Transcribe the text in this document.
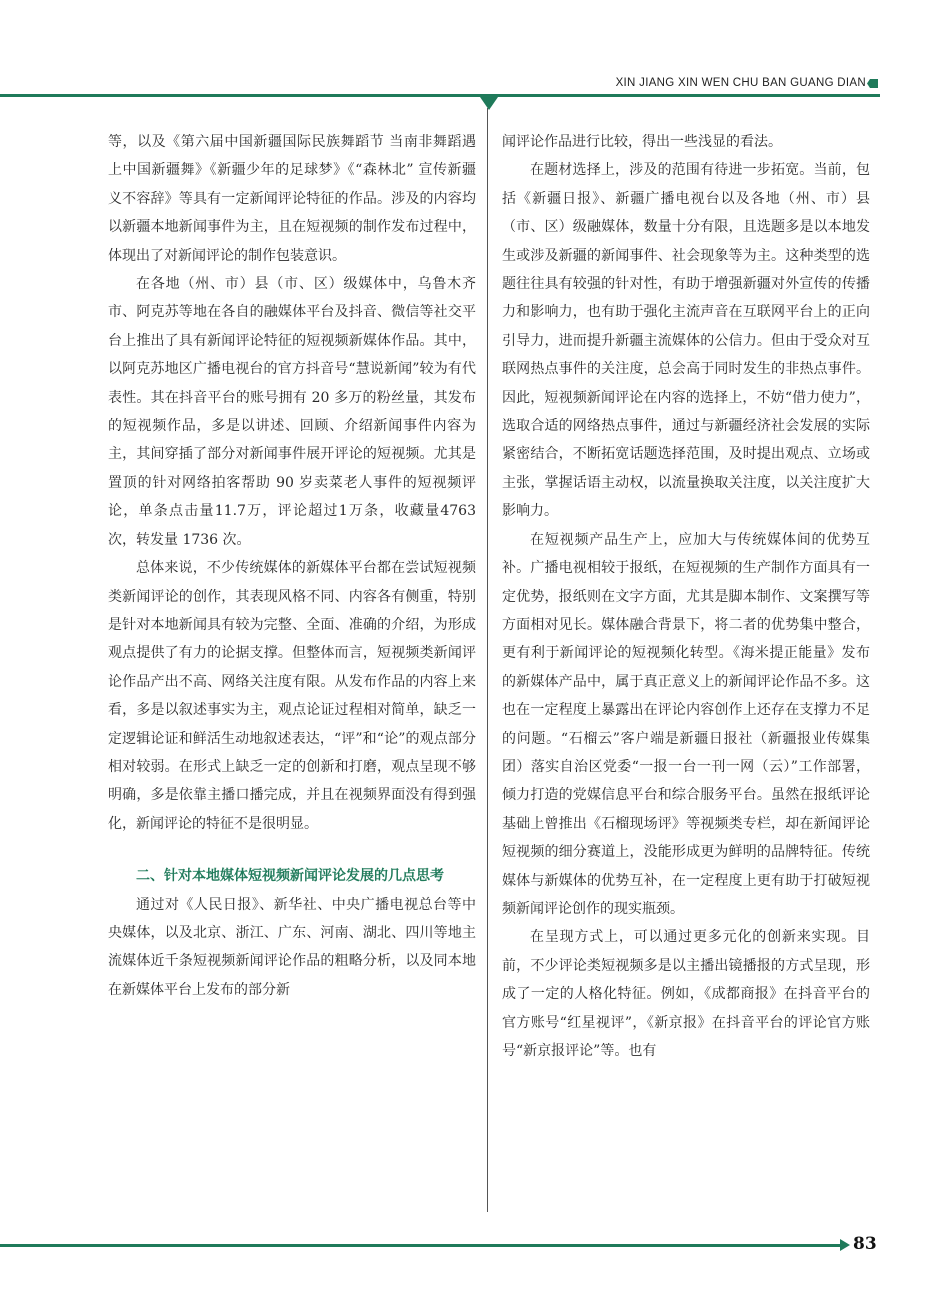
XIN JIANG XIN WEN CHU BAN GUANG DIAN

等，以及《第六届中国新疆国际民族舞蹈节 当南非舞蹈遇上中国新疆舞》《新疆少年的足球梦》《“森林北” 宣传新疆 义不容辞》等具有一定新闻评论特征的作品。涉及的内容均以新疆本地新闻事件为主，且在短视频的制作发布过程中，体现出了对新闻评论的制作包装意识。

在各地（州、市）县（市、区）级媒体中，乌鲁木齐市、阿克苏等地在各自的融媒体平台及抖音、微信等社交平台上推出了具有新闻评论特征的短视频新媒体作品。其中，以阿克苏地区广播电视台的官方抖音号“慧说新闻”较为有代表性。其在抖音平台的账号拥有 20 多万的粉丝量，其发布的短视频作品，多是以讲述、回顾、介绍新闻事件内容为主，其间穿插了部分对新闻事件展开评论的短视频。尤其是置顶的针对网络拍客帮助 90 岁卖菜老人事件的短视频评论，单条点击量11.7万，评论超过1万条，收藏量4763次，转发量 1736 次。

总体来说，不少传统媒体的新媒体平台都在尝试短视频类新闻评论的创作，其表现风格不同、内容各有侧重，特别是针对本地新闻具有较为完整、全面、准确的介绍，为形成观点提供了有力的论据支撑。但整体而言，短视频类新闻评论作品产出不高、网络关注度有限。从发布作品的内容上来看，多是以叙述事实为主，观点论证过程相对简单，缺乏一定逻辑论证和鲜活生动地叙述表达，“评”和“论”的观点部分相对较弱。在形式上缺乏一定的创新和打磨，观点呈现不够明确，多是依靠主播口播完成，并且在视频界面没有得到强化，新闻评论的特征不是很明显。

二、针对本地媒体短视频新闻评论发展的几点思考

通过对《人民日报》、新华社、中央广播电视总台等中央媒体，以及北京、浙江、广东、河南、湖北、四川等地主流媒体近千条短视频新闻评论作品的粗略分析，以及同本地在新媒体平台上发布的部分新

闻评论作品进行比较，得出一些浅显的看法。

在题材选择上，涉及的范围有待进一步拓宽。当前，包括《新疆日报》、新疆广播电视台以及各地（州、市）县（市、区）级融媒体，数量十分有限，且选题多是以本地发生或涉及新疆的新闻事件、社会现象等为主。这种类型的选题往往具有较强的针对性，有助于增强新疆对外宣传的传播力和影响力，也有助于强化主流声音在互联网平台上的正向引导力，进而提升新疆主流媒体的公信力。但由于受众对互联网热点事件的关注度，总会高于同时发生的非热点事件。因此，短视频新闻评论在内容的选择上，不妨“借力使力”，选取合适的网络热点事件，通过与新疆经济社会发展的实际紧密结合，不断拓宽话题选择范围，及时提出观点、立场或主张，掌握话语主动权，以流量换取关注度，以关注度扩大影响力。

在短视频产品生产上，应加大与传统媒体间的优势互补。广播电视相较于报纸，在短视频的生产制作方面具有一定优势，报纸则在文字方面，尤其是脚本制作、文案撰写等方面相对见长。媒体融合背景下，将二者的优势集中整合，更有利于新闻评论的短视频化转型。《海米提正能量》发布的新媒体产品中，属于真正意义上的新闻评论作品不多。这也在一定程度上暴露出在评论内容创作上还存在支撑力不足的问题。“石榴云”客户端是新疆日报社（新疆报业传媒集团）落实自治区党委“一报一台一刊一网（云）”工作部署，倾力打造的党媒信息平台和综合服务平台。虽然在报纸评论基础上曾推出《石榴现场评》等视频类专栏，却在新闻评论短视频的细分赛道上，没能形成更为鲜明的品牌特征。传统媒体与新媒体的优势互补，在一定程度上更有助于打破短视频新闻评论创作的现实瓶颈。

在呈现方式上，可以通过更多元化的创新来实现。目前，不少评论类短视频多是以主播出镜播报的方式呈现，形成了一定的人格化特征。例如，《成都商报》在抖音平台的官方账号“红星视评”，《新京报》在抖音平台的评论官方账号“新京报评论”等。也有

83
